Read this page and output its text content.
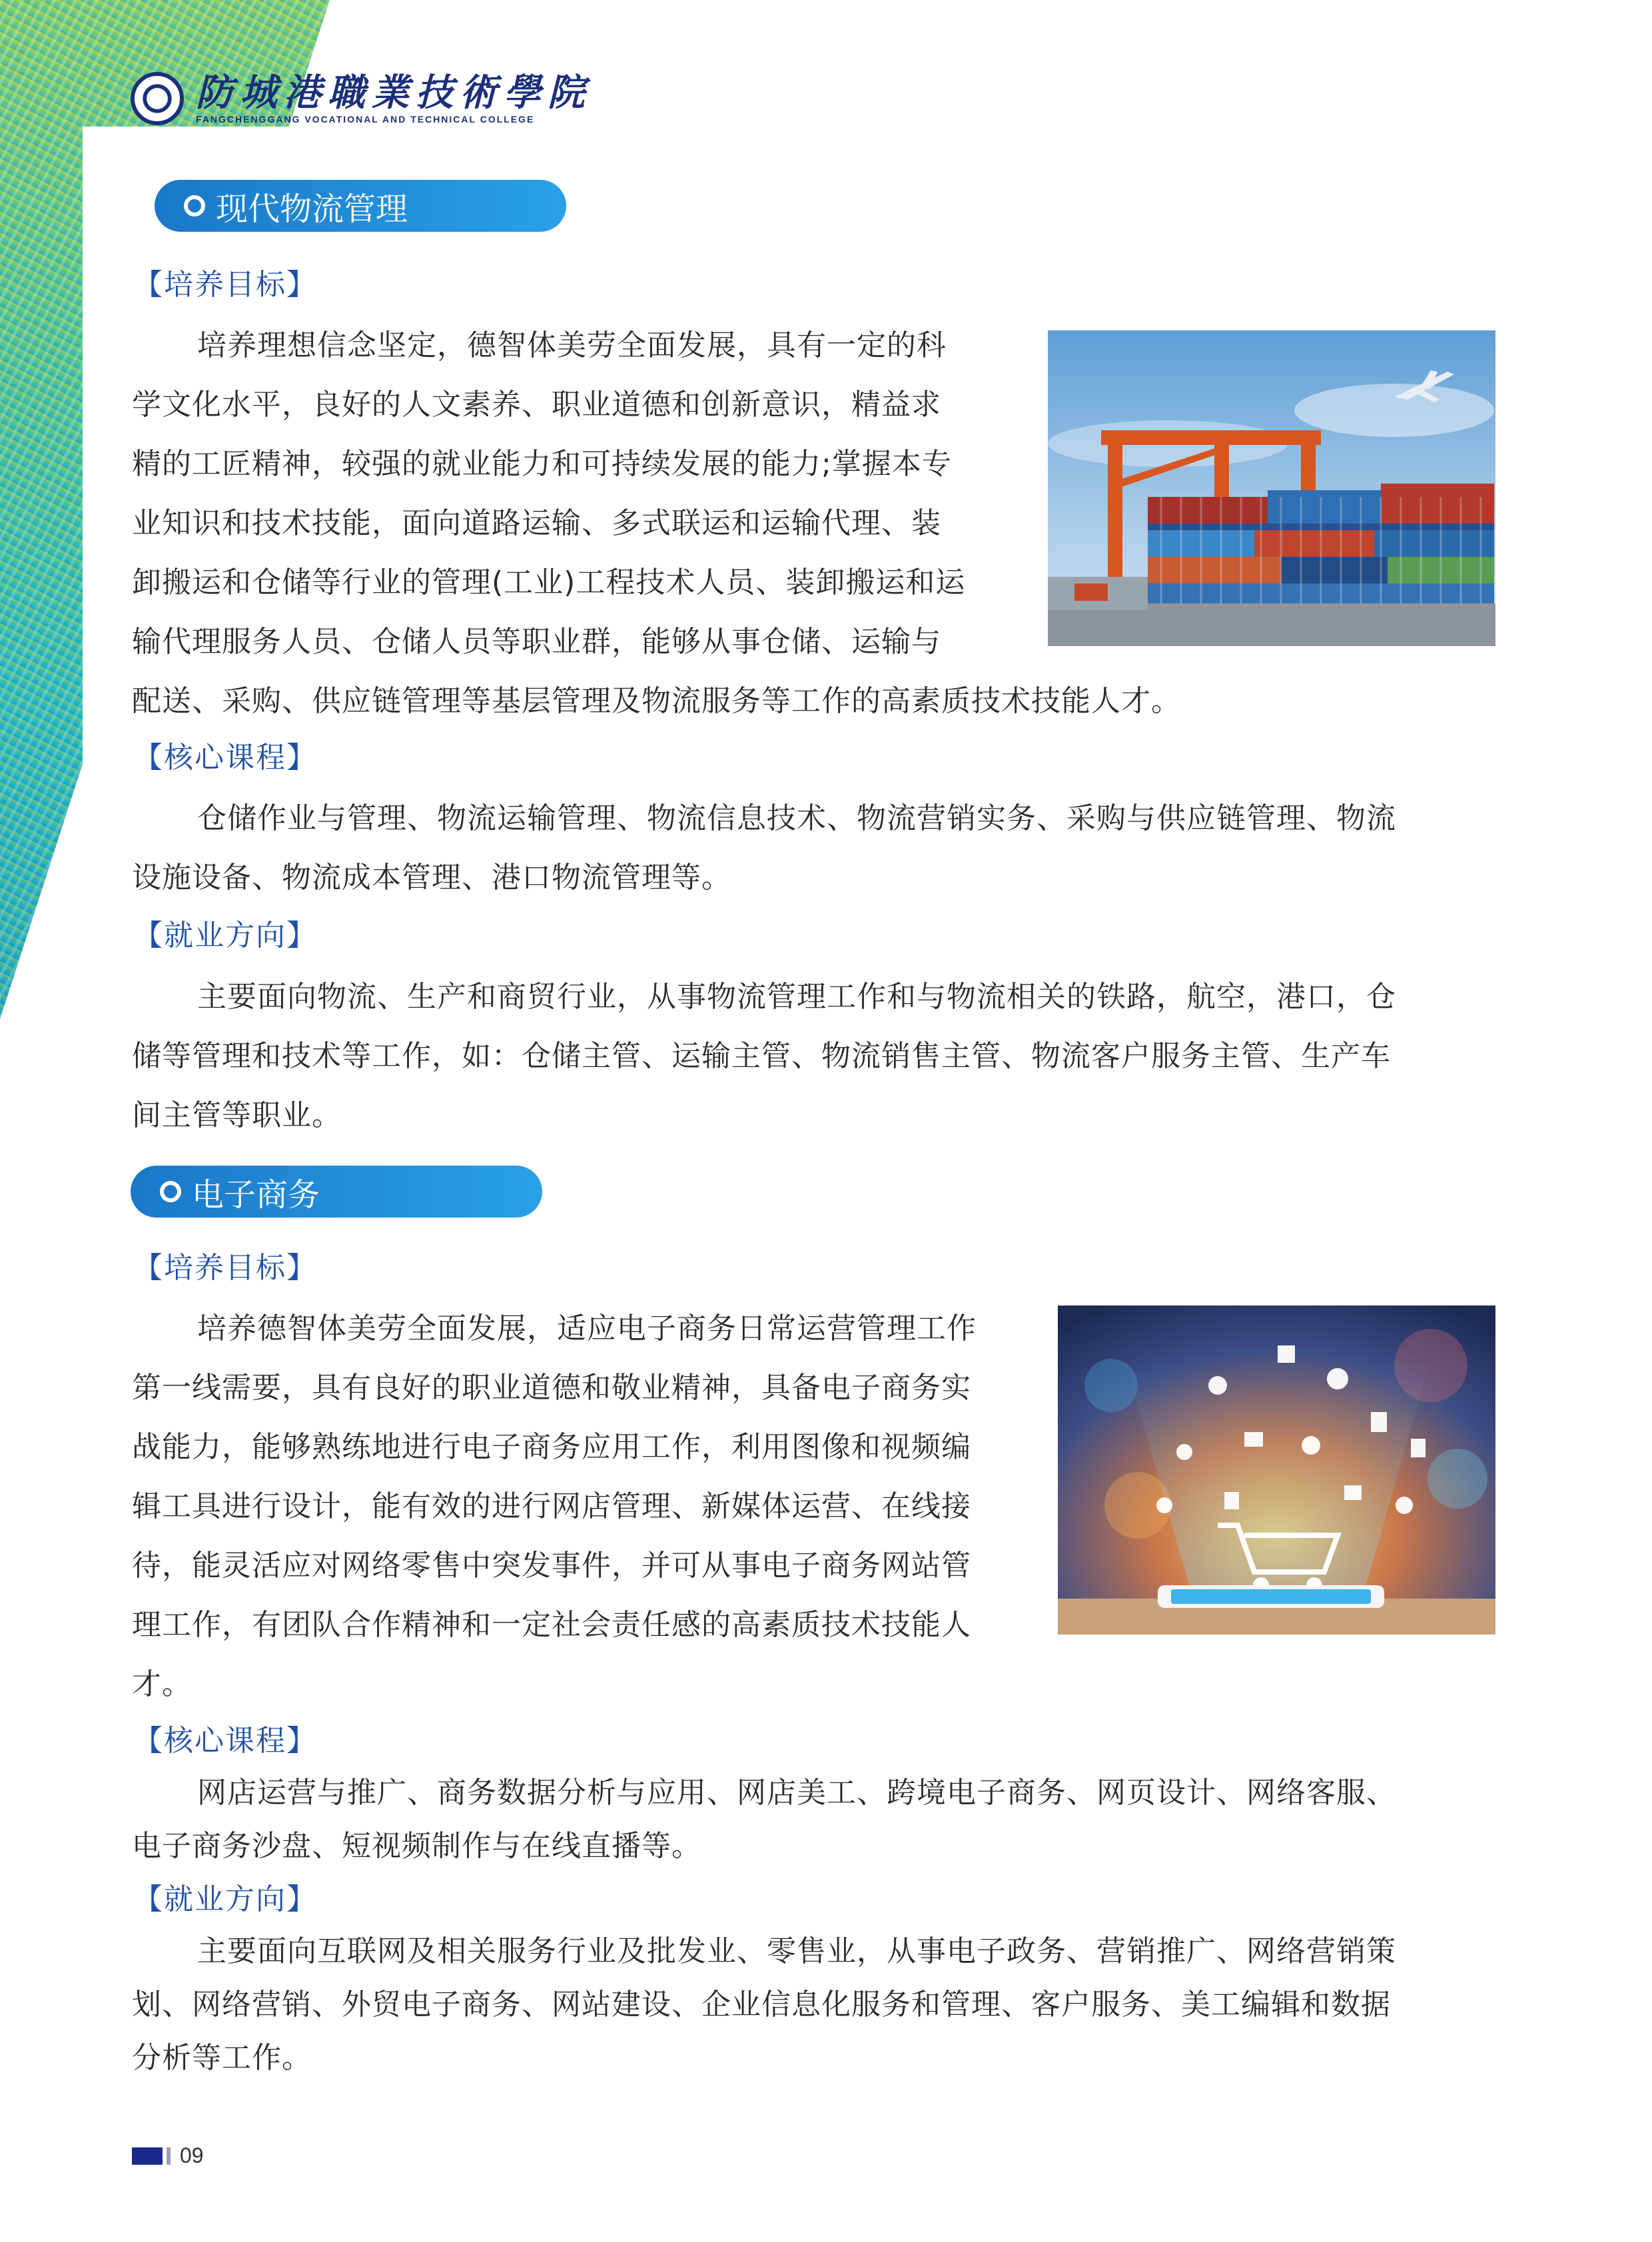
防城港職業技術學院
FANGCHENGGANG VOCATIONAL AND TECHNICAL COLLEGE
现代物流管理
【培养目标】
培养理想信念坚定，德智体美劳全面发展，具有一定的科
学文化水平，良好的人文素养、职业道德和创新意识，精益求
精的工匠精神，较强的就业能力和可持续发展的能力;掌握本专
业知识和技术技能，面向道路运输、多式联运和运输代理、装
卸搬运和仓储等行业的管理(工业)工程技术人员、装卸搬运和运
输代理服务人员、仓储人员等职业群，能够从事仓储、运输与
配送、采购、供应链管理等基层管理及物流服务等工作的高素质技术技能人才。
【核心课程】
仓储作业与管理、物流运输管理、物流信息技术、物流营销实务、采购与供应链管理、物流
设施设备、物流成本管理、港口物流管理等。
【就业方向】
主要面向物流、生产和商贸行业，从事物流管理工作和与物流相关的铁路，航空，港口，仓
储等管理和技术等工作，如：仓储主管、运输主管、物流销售主管、物流客户服务主管、生产车
间主管等职业。
电子商务
【培养目标】
培养德智体美劳全面发展，适应电子商务日常运营管理工作
第一线需要，具有良好的职业道德和敬业精神，具备电子商务实
战能力，能够熟练地进行电子商务应用工作，利用图像和视频编
辑工具进行设计，能有效的进行网店管理、新媒体运营、在线接
待，能灵活应对网络零售中突发事件，并可从事电子商务网站管
理工作，有团队合作精神和一定社会责任感的高素质技术技能人
才。
【核心课程】
网店运营与推广、商务数据分析与应用、网店美工、跨境电子商务、网页设计、网络客服、
电子商务沙盘、短视频制作与在线直播等。
【就业方向】
主要面向互联网及相关服务行业及批发业、零售业，从事电子政务、营销推广、网络营销策
划、网络营销、外贸电子商务、网站建设、企业信息化服务和管理、客户服务、美工编辑和数据
分析等工作。
09
